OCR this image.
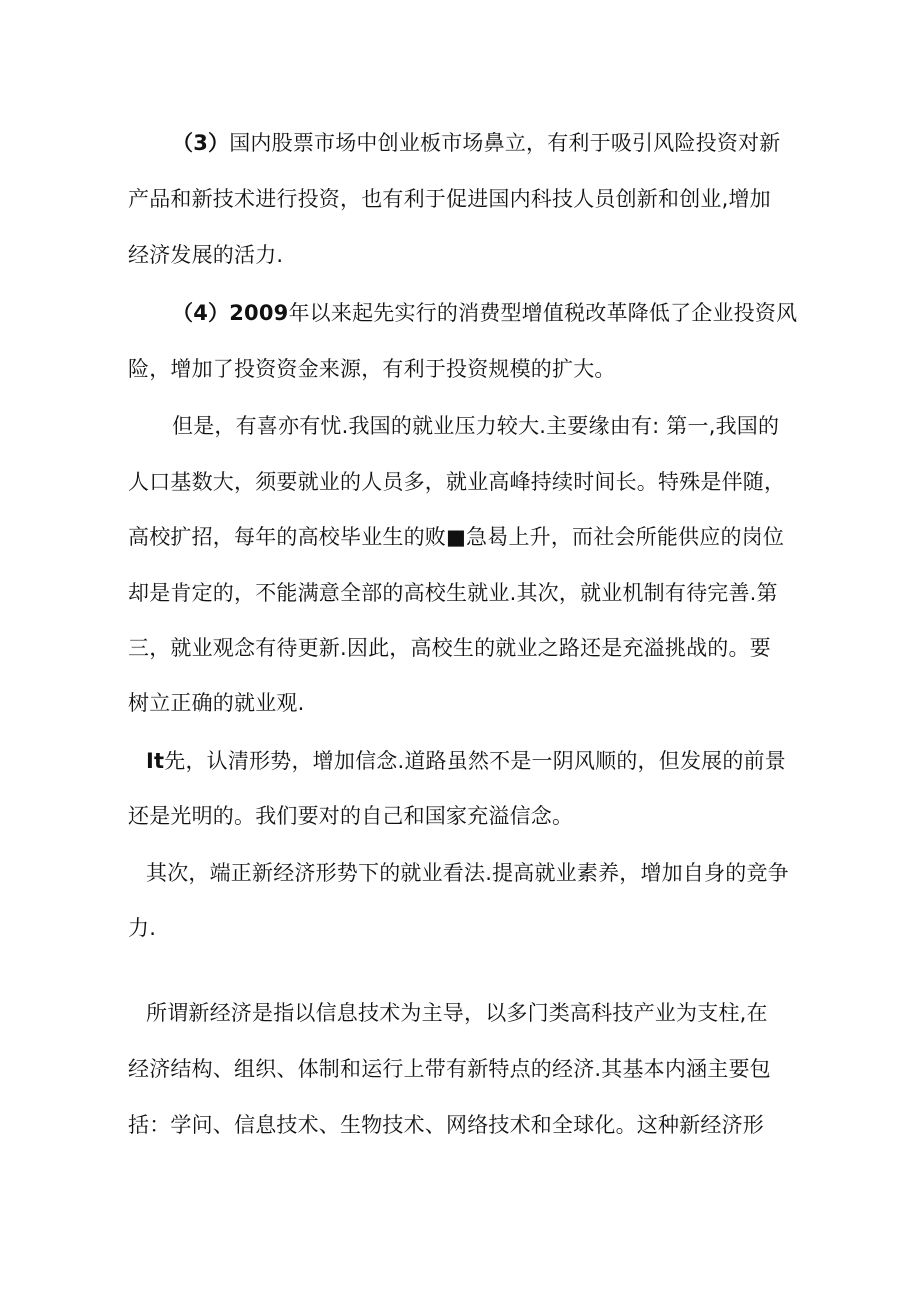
（3）国内股票市场中创业板市场鼻立，有利于吸引风险投资对新
产品和新技术进行投资，也有利于促进国内科技人员创新和创业,增加
经济发展的活力.
（4）2009年以来起先实行的消费型增值税改革降低了企业投资风
险，增加了投资资金来源，有利于投资规模的扩大。
但是，有喜亦有忧.我国的就业压力较大.主要缘由有: 第一,我国的
人口基数大，须要就业的人员多，就业高峰持续时间长。特殊是伴随，
高校扩招，每年的高校毕业生的败■急曷上升，而社会所能供应的岗位
却是肯定的，不能满意全部的高校生就业.其次，就业机制有待完善.第
三，就业观念有待更新.因此，高校生的就业之路还是充溢挑战的。要
树立正确的就业观.
It先，认清形势，增加信念.道路虽然不是一阴风顺的，但发展的前景
还是光明的。我们要对的自己和国家充溢信念。
其次，端正新经济形势下的就业看法.提高就业素养，增加自身的竞争
力.
所谓新经济是指以信息技术为主导，以多门类高科技产业为支柱,在
经济结构、组织、体制和运行上带有新特点的经济.其基本内涵主要包
括：学问、信息技术、生物技术、网络技术和全球化。这种新经济形
